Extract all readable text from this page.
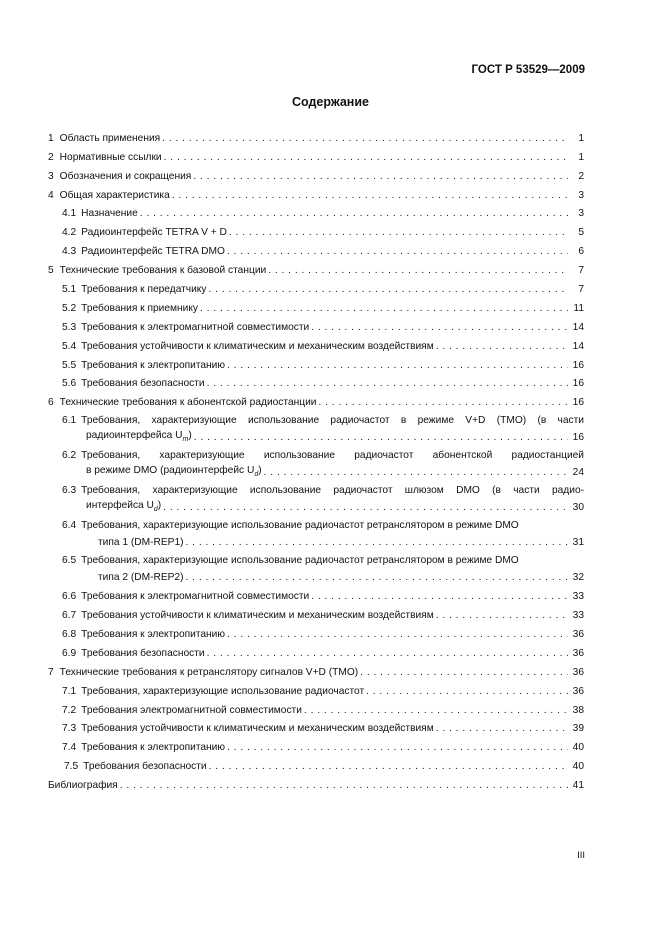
ГОСТ Р 53529—2009
Содержание
1 Область применения . . .	1
2 Нормативные ссылки . . .	1
3 Обозначения и сокращения . . .	2
4 Общая характеристика . . .	3
4.1 Назначение . . .	3
4.2 Радиоинтерфейс TETRA V + D . . .	5
4.3 Радиоинтерфейс TETRA DMO . . .	6
5 Технические требования к базовой станции . . .	7
5.1 Требования к передатчику . . .	7
5.2 Требования к приемнику . . .	11
5.3 Требования к электромагнитной совместимости . . .	14
5.4 Требования устойчивости к климатическим и механическим воздействиям . . .	14
5.5 Требования к электропитанию . . .	16
5.6 Требования безопасности . . .	16
6 Технические требования к абонентской радиостанции . . .	16
6.1 Требования, характеризующие использование радиочастот в режиме V+D (TMO) (в части
радиоинтерфейса $U_m$) . . .	16
6.2 Требования, характеризующие использование радиочастот абонентской радиостанцией
в режиме DMO (радиоинтерфейс $U_d$) . . .	24
6.3 Требования, характеризующие использование радиочастот шлюзом DMO (в части радио-
интерфейса $U_d$) . . .	30
6.4 Требования, характеризующие использование радиочастот ретранслятором в режиме DMO
типа 1 (DM-REP1) . . .	31
6.5 Требования, характеризующие использование радиочастот ретранслятором в режиме DMO
типа 2 (DM-REP2) . . .	32
6.6 Требования к электромагнитной совместимости . . .	33
6.7 Требования устойчивости к климатическим и механическим воздействиям . . .	33
6.8 Требования к электропитанию . . .	36
6.9 Требования безопасности . . .	36
7 Технические требования к ретранслятору сигналов V+D (TMO) . . .	36
7.1 Требования, характеризующие использование радиочастот . . .	36
7.2 Требования электромагнитной совместимости . . .	38
7.3 Требования устойчивости к климатическим и механическим воздействиям . . .	39
7.4 Требования к электропитанию . . .	40
7.5 Требования безопасности . . .	40
Библиография . . .	41
III
